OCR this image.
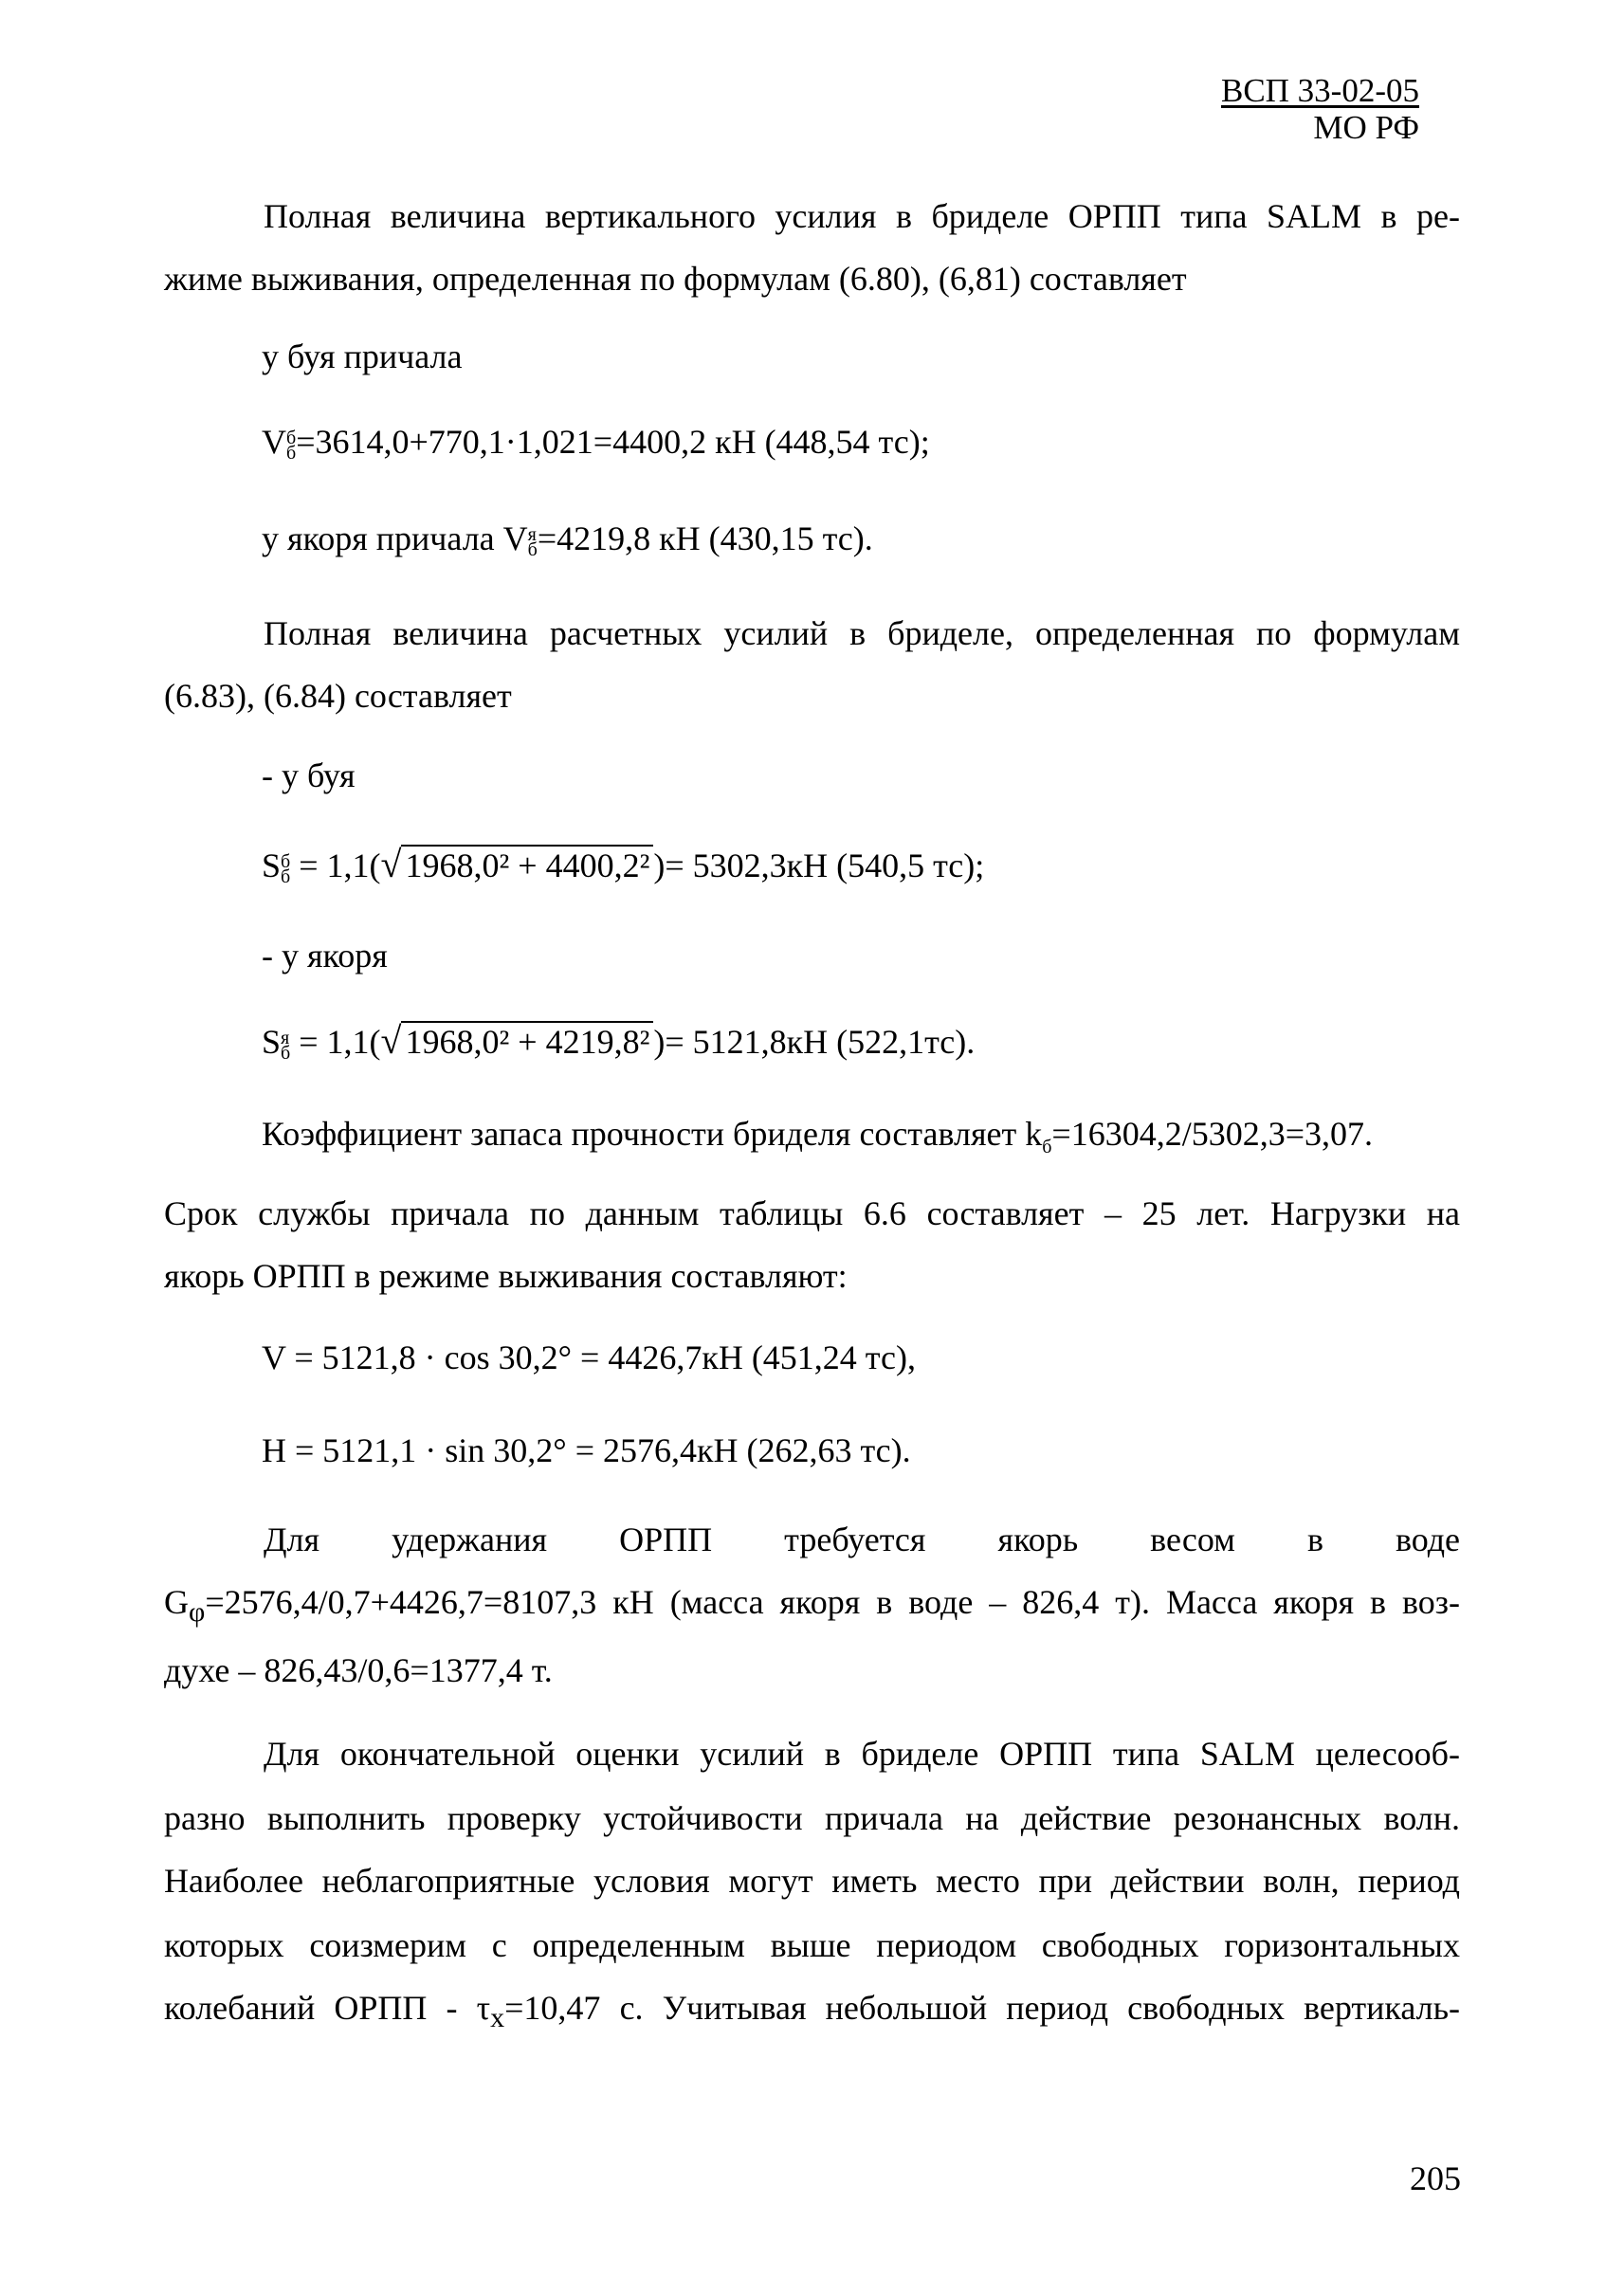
ВСП 33-02-05
МО РФ
Полная величина вертикального усилия в бриделе ОРПП типа SALM в ре-
жиме выживания, определенная по формулам (6.80), (6,81) составляет
у буя причала
V б
б =3614,0+770,1·1,021=4400,2 кН (448,54 тс);
у якоря причала V я
б =4219,8 кН (430,15 тс).
Полная величина расчетных усилий в бриделе, определенная по формулам
(6.83), (6.84) составляет
- у буя
S б
б = 1,1(√ 1968,0² + 4400,2² )= 5302,3кН (540,5 тс);
- у якоря
S я
б = 1,1(√ 1968,0² + 4219,8² )= 5121,8кН (522,1тс).
Коэффициент запаса прочности бриделя составляет $k_б=16304,2/5302,3=3,07$.
Срок службы причала по данным таблицы 6.6 составляет – 25 лет. Нагрузки на
якорь ОРПП в режиме выживания составляют:
V = 5121,8 · cos 30,2° = 4426,7кН (451,24 тс),
H = 5121,1 · sin 30,2° = 2576,4кН (262,63 тс).
Для удержания ОРПП требуется якорь весом в воде
$G_\varphi=2576,4/0,7+4426,7=8107,3$ кН (масса якоря в воде – 826,4 т). Масса якоря в воз-
духе – 826,43/0,6=1377,4 т.
Для окончательной оценки усилий в бриделе ОРПП типа SALM целесооб-
разно выполнить проверку устойчивости причала на действие резонансных волн.
Наиболее неблагоприятные условия могут иметь место при действии волн, период
которых соизмерим с определенным выше периодом свободных горизонтальных
колебаний ОРПП - $\tau_x=10,47$ с. Учитывая небольшой период свободных вертикаль-
205
